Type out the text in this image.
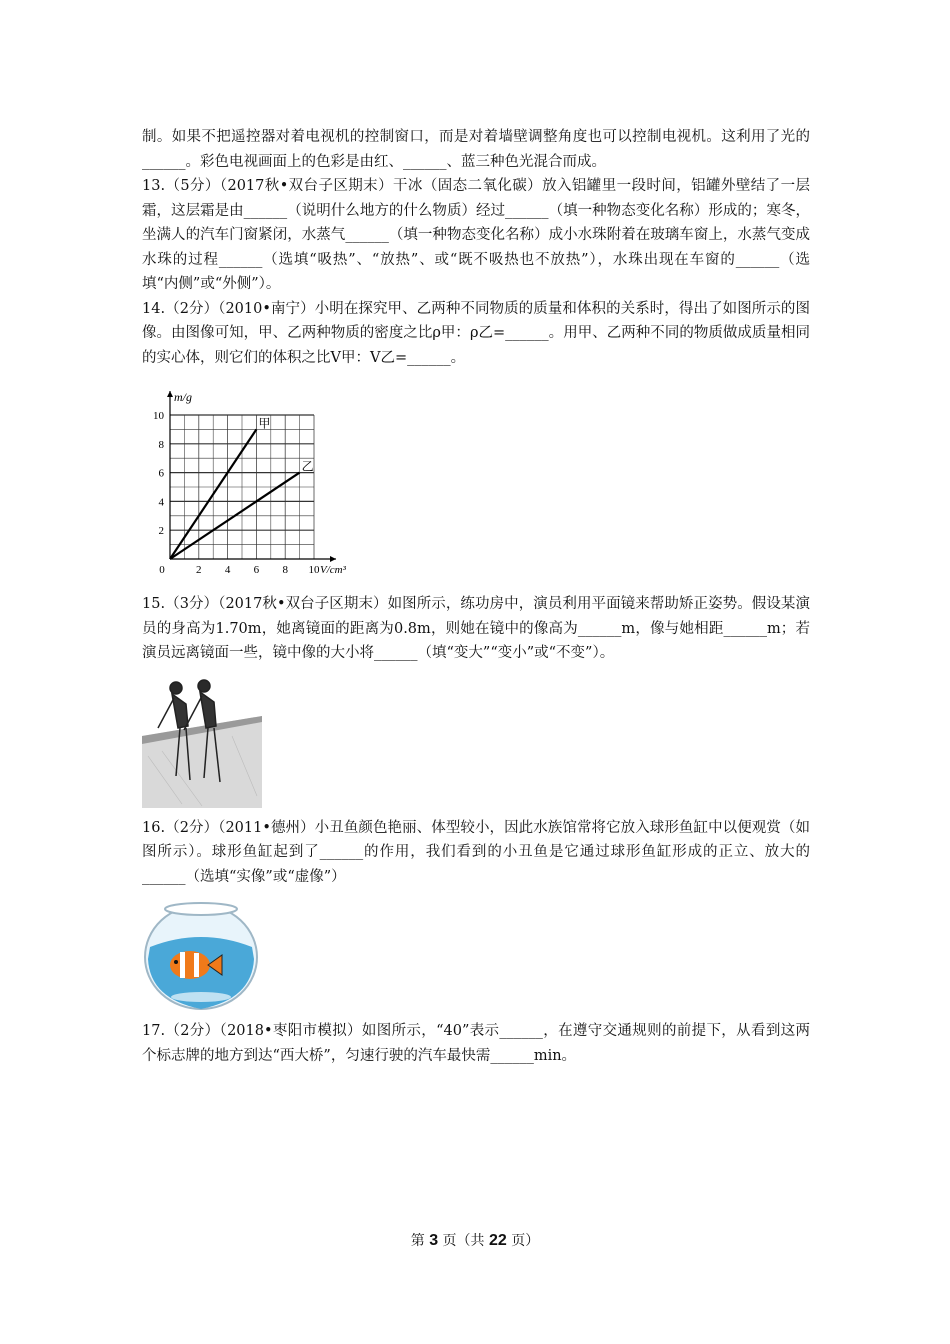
制。如果不把遥控器对着电视机的控制窗口，而是对着墙壁调整角度也可以控制电视机。这利用了光的______。彩色电视画面上的色彩是由红、______、蓝三种色光混合而成。

13.（5分）（2017秋•双台子区期末）干冰（固态二氧化碳）放入铝罐里一段时间，铝罐外壁结了一层霜，这层霜是由______（说明什么地方的什么物质）经过______（填一种物态变化名称）形成的；寒冬，坐满人的汽车门窗紧闭，水蒸气______（填一种物态变化名称）成小水珠附着在玻璃车窗上，水蒸气变成水珠的过程______（选填“吸热”、“放热”、或“既不吸热也不放热”），水珠出现在车窗的______（选填“内侧”或“外侧”）。

14.（2分）（2010•南宁）小明在探究甲、乙两种不同物质的质量和体积的关系时，得出了如图所示的图像。由图像可知，甲、乙两种物质的密度之比ρ甲：ρ乙=______。用甲、乙两种不同的物质做成质量相同的实心体，则它们的体积之比V甲：V乙=______。

2 4 6 8 10
2
4
6
8
10
0
m/g
V/cm³
甲
乙

15.（3分）（2017秋•双台子区期末）如图所示，练功房中，演员利用平面镜来帮助矫正姿势。假设某演员的身高为1.70m，她离镜面的距离为0.8m，则她在镜中的像高为______m，像与她相距______m；若演员远离镜面一些，镜中像的大小将______（填“变大”“变小”或“不变”）。

16.（2分）（2011•德州）小丑鱼颜色艳丽、体型较小，因此水族馆常将它放入球形鱼缸中以便观赏（如图所示）。球形鱼缸起到了______的作用，我们看到的小丑鱼是它通过球形鱼缸形成的正立、放大的______（选填“实像”或“虚像”）

17.（2分）（2018•枣阳市模拟）如图所示，“40”表示______，在遵守交通规则的前提下，从看到这两个标志牌的地方到达“西大桥”，匀速行驶的汽车最快需______min。

第 3 页（共 22 页）
